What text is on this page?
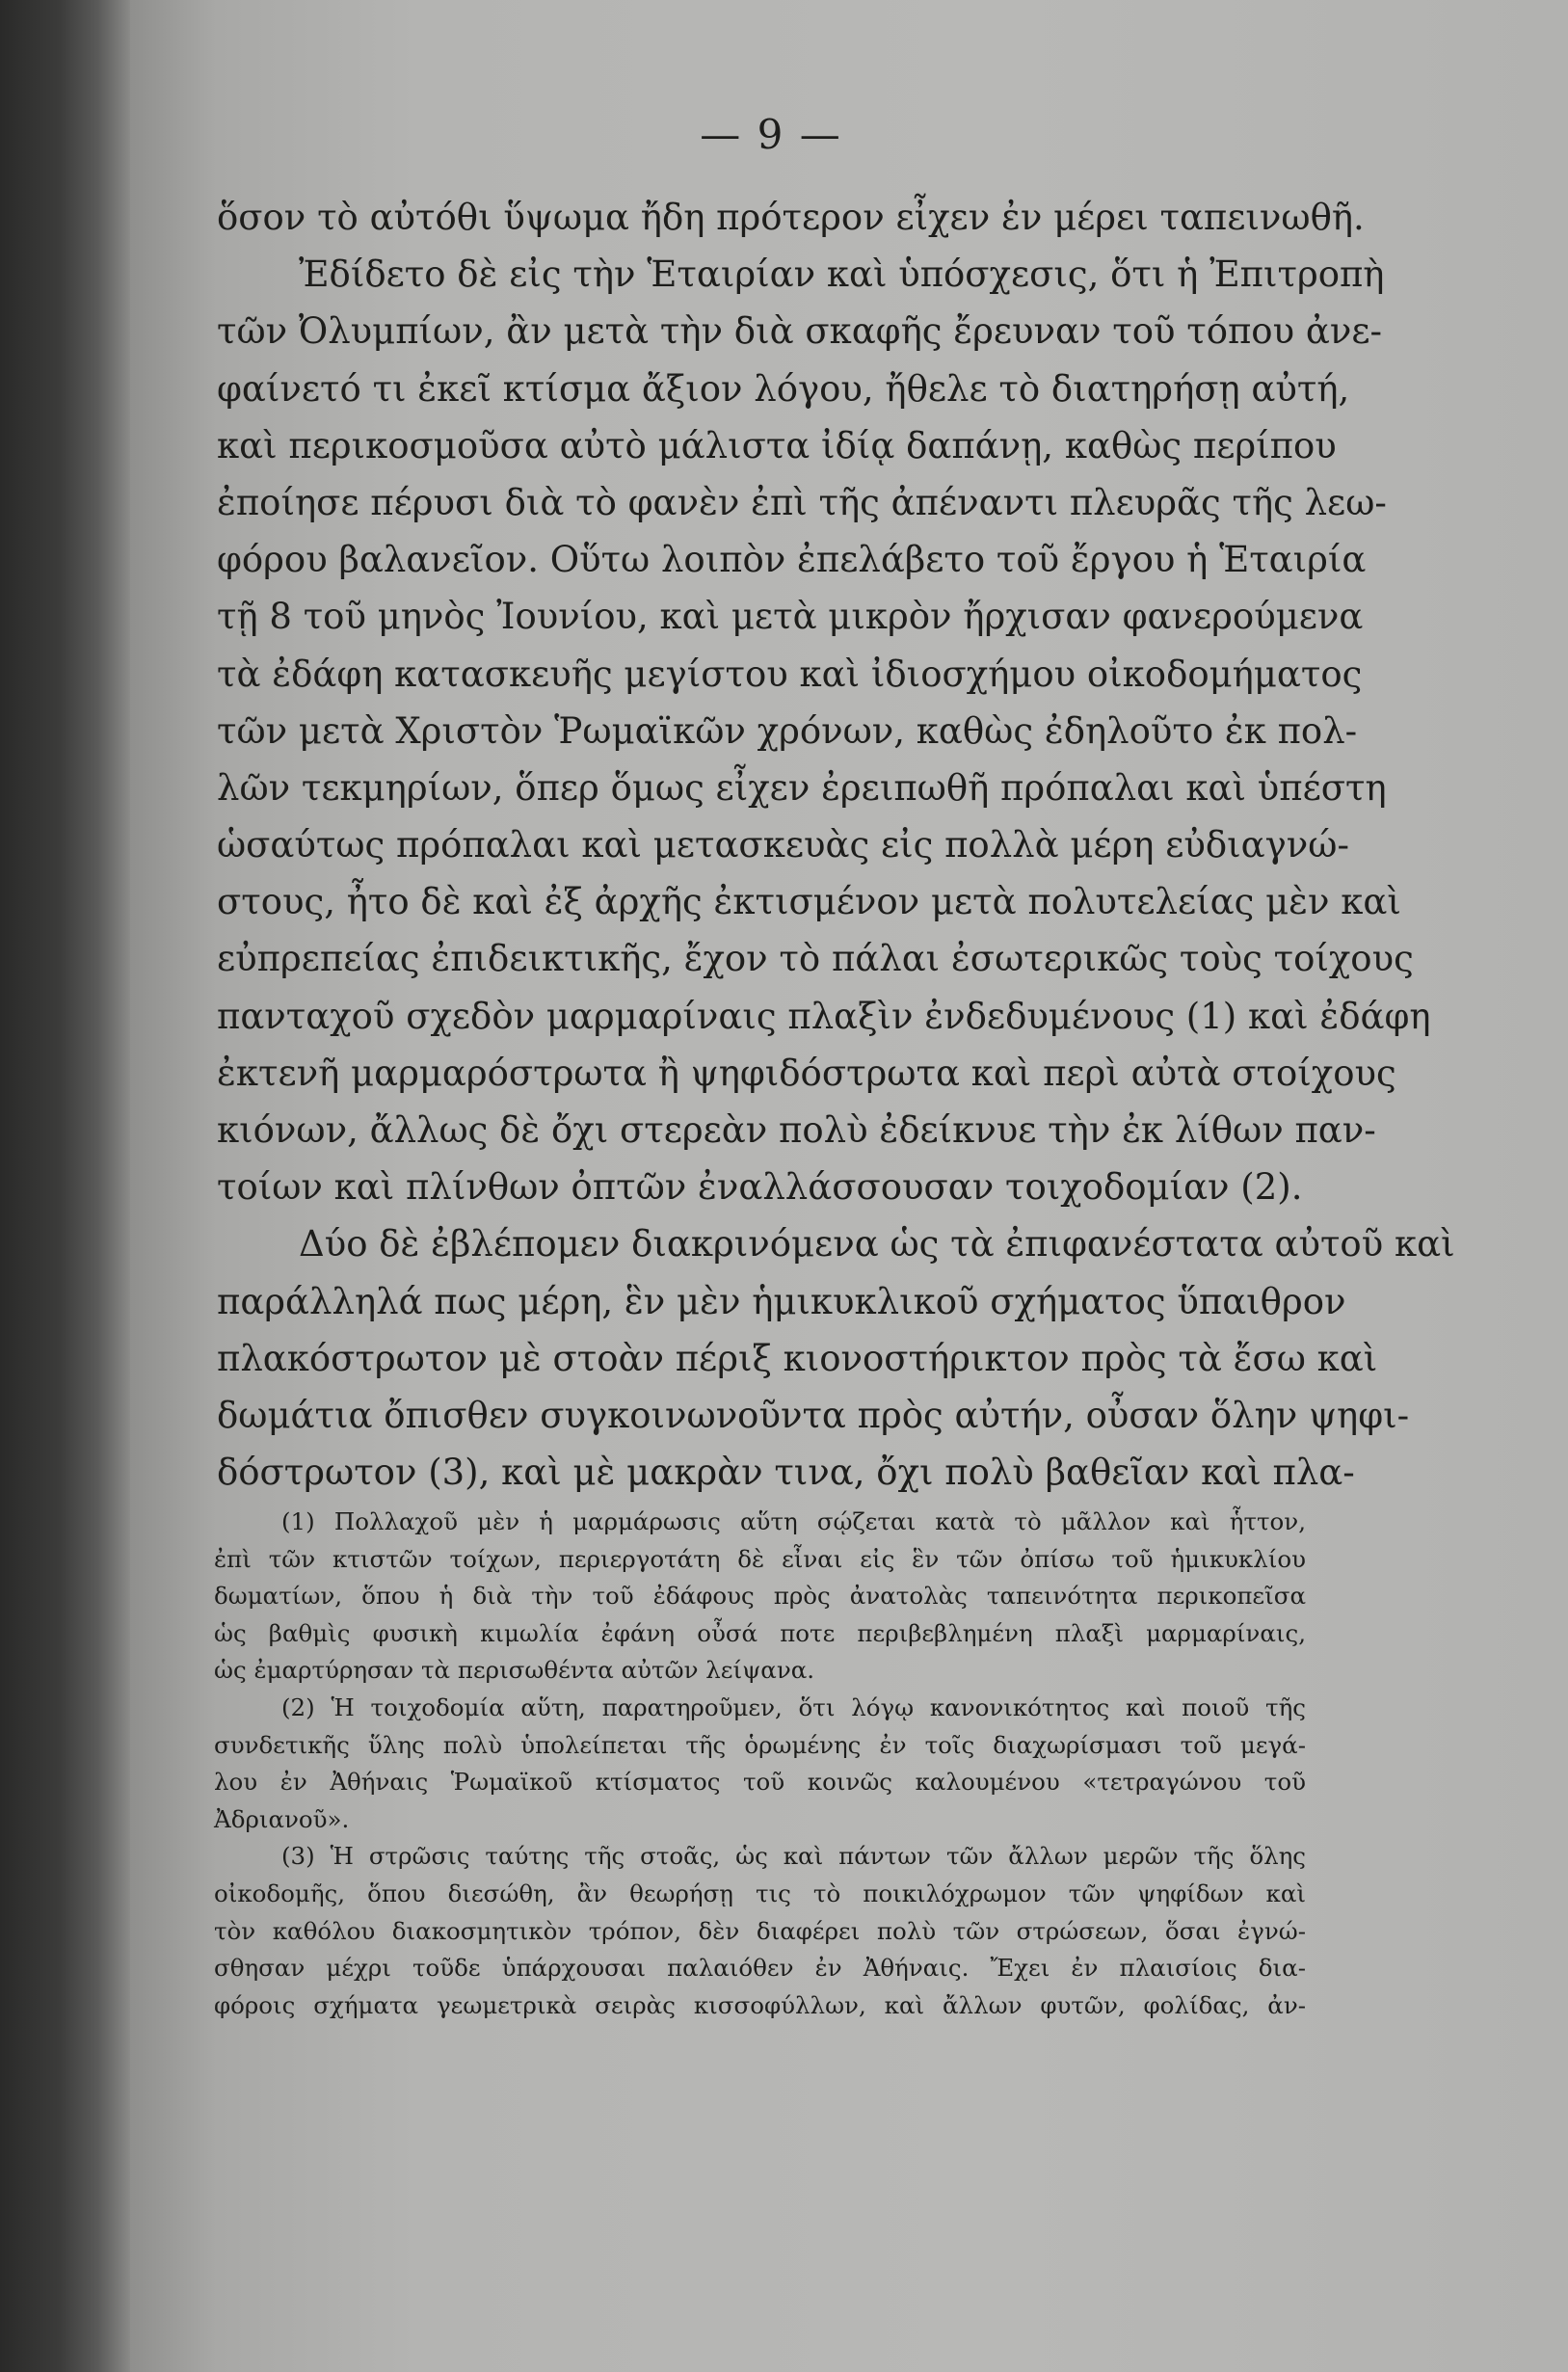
— 9 —
ὅσον τὸ αὐτόθι ὕψωμα ἤδη πρότερον εἶχεν ἐν μέρει ταπεινωθῆ.
Ἐδίδετο δὲ εἰς τὴν Ἑταιρίαν καὶ ὑπόσχεσις, ὅτι ἡ Ἐπιτροπὴ
τῶν Ὀλυμπίων, ἂν μετὰ τὴν διὰ σκαφῆς ἔρευναν τοῦ τόπου ἀνε-
φαίνετό τι ἐκεῖ κτίσμα ἄξιον λόγου, ἤθελε τὸ διατηρήσῃ αὐτή,
καὶ περικοσμοῦσα αὐτὸ μάλιστα ἰδίᾳ δαπάνῃ, καθὼς περίπου
ἐποίησε πέρυσι διὰ τὸ φανὲν ἐπὶ τῆς ἀπέναντι πλευρᾶς τῆς λεω-
φόρου βαλανεῖον. Οὕτω λοιπὸν ἐπελάβετο τοῦ ἔργου ἡ Ἑταιρία
τῇ 8 τοῦ μηνὸς Ἰουνίου, καὶ μετὰ μικρὸν ἤρχισαν φανερούμενα
τὰ ἐδάφη κατασκευῆς μεγίστου καὶ ἰδιοσχήμου οἰκοδομήματος
τῶν μετὰ Χριστὸν Ῥωμαϊκῶν χρόνων, καθὼς ἐδηλοῦτο ἐκ πολ-
λῶν τεκμηρίων, ὅπερ ὅμως εἶχεν ἐρειπωθῆ πρόπαλαι καὶ ὑπέστη
ὡσαύτως πρόπαλαι καὶ μετασκευὰς εἰς πολλὰ μέρη εὐδιαγνώ-
στους, ἦτο δὲ καὶ ἐξ ἀρχῆς ἐκτισμένον μετὰ πολυτελείας μὲν καὶ
εὐπρεπείας ἐπιδεικτικῆς, ἔχον τὸ πάλαι ἐσωτερικῶς τοὺς τοίχους
πανταχοῦ σχεδὸν μαρμαρίναις πλαξὶν ἐνδεδυμένους (1) καὶ ἐδάφη
ἐκτενῆ μαρμαρόστρωτα ἢ ψηφιδόστρωτα καὶ περὶ αὐτὰ στοίχους
κιόνων, ἄλλως δὲ ὄχι στερεὰν πολὺ ἐδείκνυε τὴν ἐκ λίθων παν-
τοίων καὶ πλίνθων ὀπτῶν ἐναλλάσσουσαν τοιχοδομίαν (2).
Δύο δὲ ἐβλέπομεν διακρινόμενα ὡς τὰ ἐπιφανέστατα αὐτοῦ καὶ
παράλληλά πως μέρη, ἓν μὲν ἡμικυκλικοῦ σχήματος ὕπαιθρον
πλακόστρωτον μὲ στοὰν πέριξ κιονοστήρικτον πρὸς τὰ ἔσω καὶ
δωμάτια ὄπισθεν συγκοινωνοῦντα πρὸς αὐτήν, οὖσαν ὅλην ψηφι-
δόστρωτον (3), καὶ μὲ μακρὰν τινα, ὄχι πολὺ βαθεῖαν καὶ πλα-
(1) Πολλαχοῦ μὲν ἡ μαρμάρωσις αὕτη σῴζεται κατὰ τὸ μᾶλλον καὶ ἧττον,
ἐπὶ τῶν κτιστῶν τοίχων, περιεργοτάτη δὲ εἶναι εἰς ἓν τῶν ὀπίσω τοῦ ἡμικυκλίου
δωματίων, ὅπου ἡ διὰ τὴν τοῦ ἐδάφους πρὸς ἀνατολὰς ταπεινότητα περικοπεῖσα
ὡς βαθμὶς φυσικὴ κιμωλία ἐφάνη οὖσά ποτε περιβεβλημένη πλαξὶ μαρμαρίναις,
ὡς ἐμαρτύρησαν τὰ περισωθέντα αὐτῶν λείψανα.
(2) Ἡ τοιχοδομία αὕτη, παρατηροῦμεν, ὅτι λόγῳ κανονικότητος καὶ ποιοῦ τῆς
συνδετικῆς ὕλης πολὺ ὑπολείπεται τῆς ὁρωμένης ἐν τοῖς διαχωρίσμασι τοῦ μεγά-
λου ἐν Ἀθήναις Ῥωμαϊκοῦ κτίσματος τοῦ κοινῶς καλουμένου «τετραγώνου τοῦ
Ἀδριανοῦ».
(3) Ἡ στρῶσις ταύτης τῆς στοᾶς, ὡς καὶ πάντων τῶν ἄλλων μερῶν τῆς ὅλης
οἰκοδομῆς, ὅπου διεσώθη, ἂν θεωρήσῃ τις τὸ ποικιλόχρωμον τῶν ψηφίδων καὶ
τὸν καθόλου διακοσμητικὸν τρόπον, δὲν διαφέρει πολὺ τῶν στρώσεων, ὅσαι ἐγνώ-
σθησαν μέχρι τοῦδε ὑπάρχουσαι παλαιόθεν ἐν Ἀθήναις. Ἔχει ἐν πλαισίοις δια-
φόροις σχήματα γεωμετρικὰ σειρὰς κισσοφύλλων, καὶ ἄλλων φυτῶν, φολίδας, ἀν-
